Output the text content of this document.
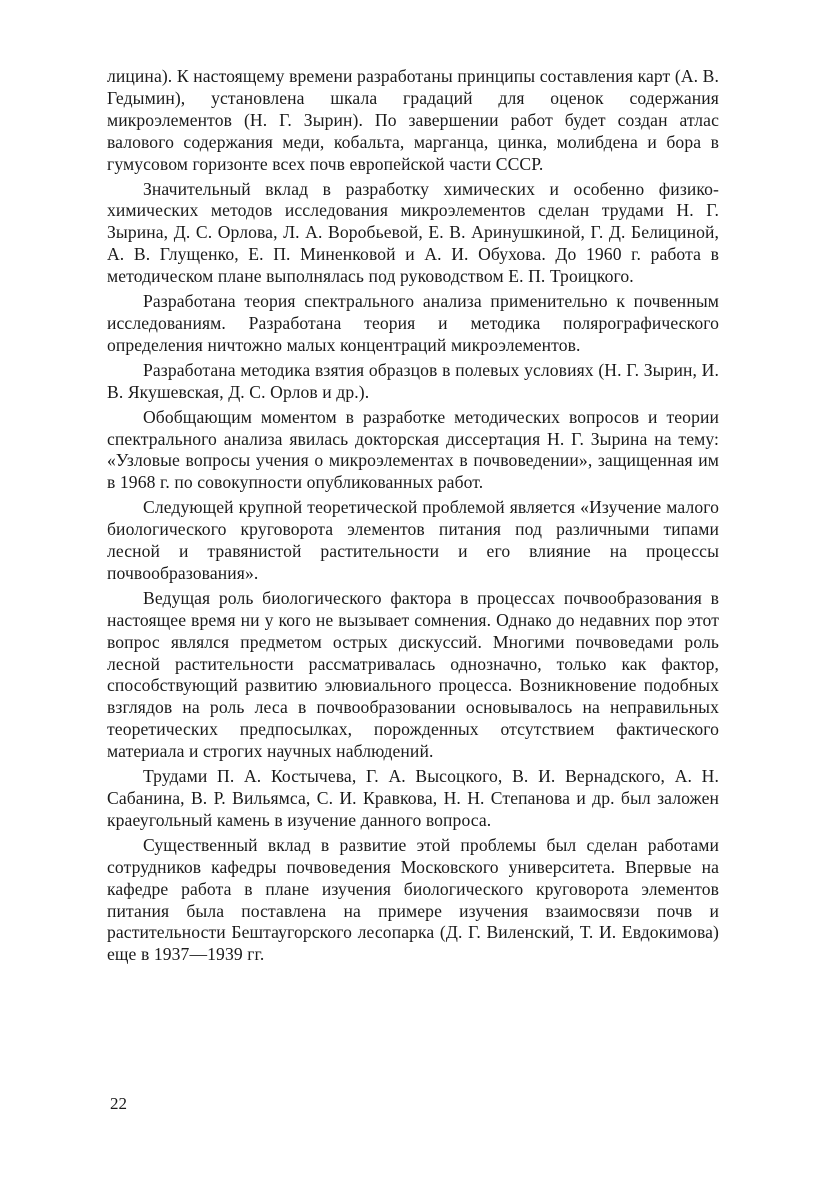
лицина). К настоящему времени разработаны принципы составления карт (А. В. Гедымин), установлена шкала градаций для оценок содержания микроэлементов (Н. Г. Зырин). По завершении работ будет создан атлас валового содержания меди, кобальта, марганца, цинка, молибдена и бора в гумусовом горизонте всех почв европейской части СССР.

Значительный вклад в разработку химических и особенно физико-химических методов исследования микроэлементов сделан трудами Н. Г. Зырина, Д. С. Орлова, Л. А. Воробьевой, Е. В. Аринушкиной, Г. Д. Белициной, А. В. Глущенко, Е. П. Миненковой и А. И. Обухова. До 1960 г. работа в методическом плане выполнялась под руководством Е. П. Троицкого.

Разработана теория спектрального анализа применительно к почвенным исследованиям. Разработана теория и методика полярографического определения ничтожно малых концентраций микроэлементов.

Разработана методика взятия образцов в полевых условиях (Н. Г. Зырин, И. В. Якушевская, Д. С. Орлов и др.).

Обобщающим моментом в разработке методических вопросов и теории спектрального анализа явилась докторская диссертация Н. Г. Зырина на тему: «Узловые вопросы учения о микроэлементах в почвоведении», защищенная им в 1968 г. по совокупности опубликованных работ.

Следующей крупной теоретической проблемой является «Изучение малого биологического круговорота элементов питания под различными типами лесной и травянистой растительности и его влияние на процессы почвообразования».

Ведущая роль биологического фактора в процессах почвообразования в настоящее время ни у кого не вызывает сомнения. Однако до недавних пор этот вопрос являлся предметом острых дискуссий. Многими почвоведами роль лесной растительности рассматривалась однозначно, только как фактор, способствующий развитию элювиального процесса. Возникновение подобных взглядов на роль леса в почвообразовании основывалось на неправильных теоретических предпосылках, порожденных отсутствием фактического материала и строгих научных наблюдений.

Трудами П. А. Костычева, Г. А. Высоцкого, В. И. Вернадского, А. Н. Сабанина, В. Р. Вильямса, С. И. Кравкова, Н. Н. Степанова и др. был заложен краеугольный камень в изучение данного вопроса.

Существенный вклад в развитие этой проблемы был сделан работами сотрудников кафедры почвоведения Московского университета. Впервые на кафедре работа в плане изучения биологического круговорота элементов питания была поставлена на примере изучения взаимосвязи почв и растительности Бештаугорского лесопарка (Д. Г. Виленский, Т. И. Евдокимова) еще в 1937—1939 гг.

22
